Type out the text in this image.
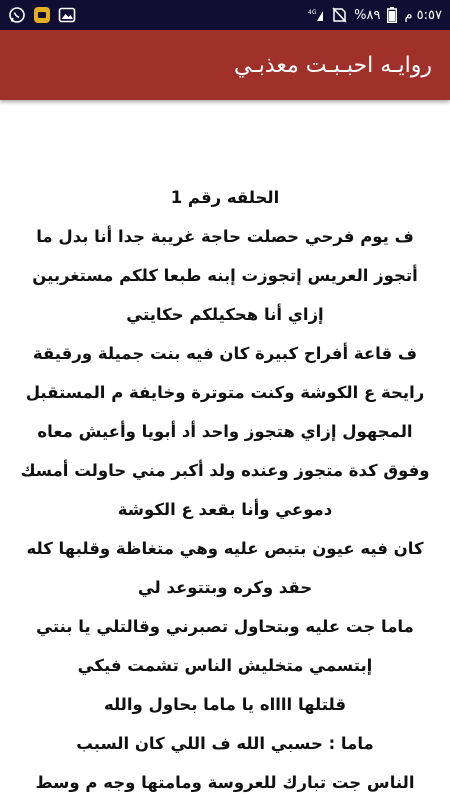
4G	%٨٩ ٥:٥٧ م
روايـه احبـبـت معذبـي
الحلقه رقم 1
ف يوم فرحي حصلت حاجة غريبة جدا أنا بدل ما
أتجوز العريس إتجوزت إبنه طبعا كلكم مستغربين
إزاي أنا هحكيلكم حكايتي
ف قاعة أفراح كبيرة كان فيه بنت جميلة ورقيقة
رايحة ع الكوشة وكنت متوترة وخايفة م المستقبل
المجهول إزاي هتجوز واحد أد أبويا وأعيش معاه
وفوق كدة متجوز وعنده ولد أكبر مني حاولت أمسك
دموعي وأنا بقعد ع الكوشة
كان فيه عيون بتبص عليه وهي متغاظة وقلبها كله
حقد وكره وبتتوعد لي
ماما جت عليه وبتحاول تصبرني وقالتلي يا بنتي
إبتسمي متخليش الناس تشمت فيكي
قلتلها ااااه يا ماما بحاول والله
ماما : حسبي الله ف اللي كان السبب
الناس جت تبارك للعروسة ومامتها وجه م وسط
